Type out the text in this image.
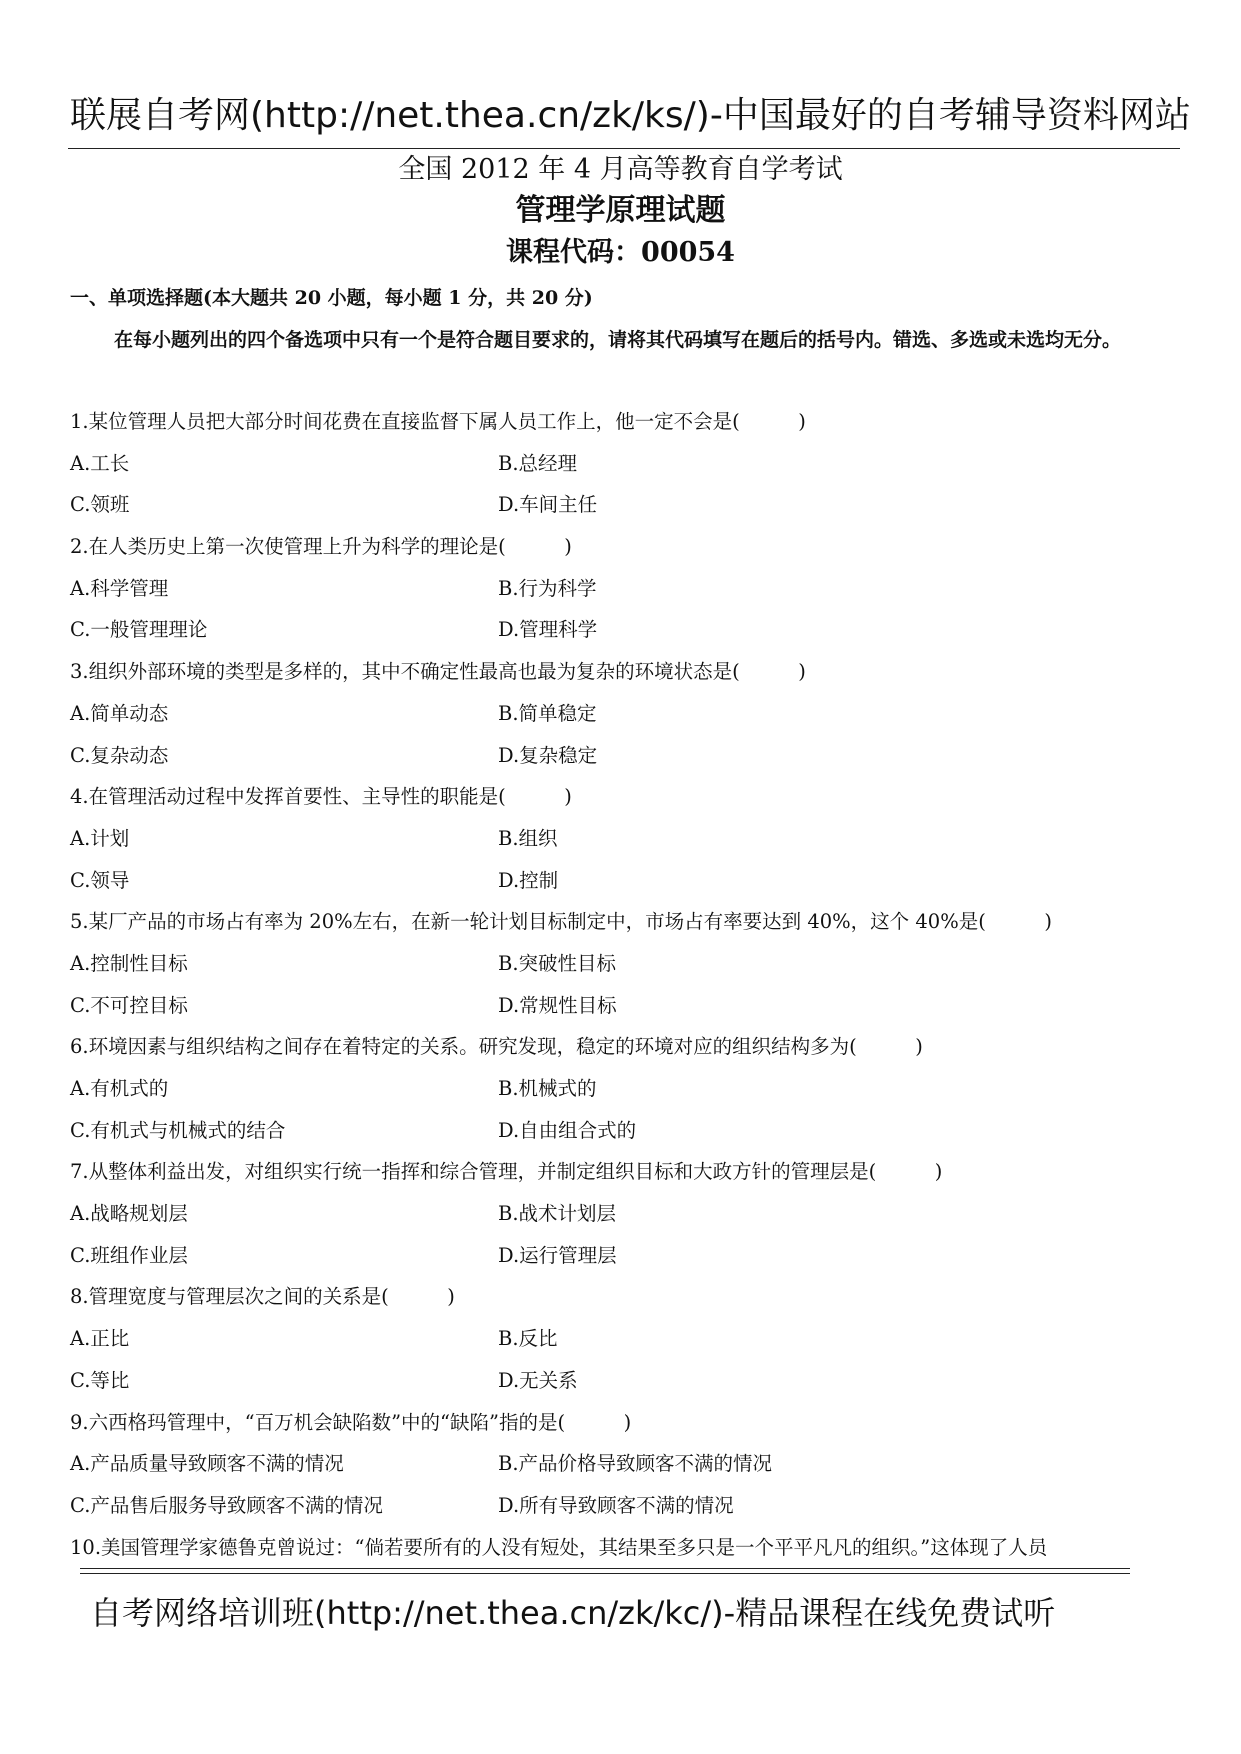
联展自考网(http://net.thea.cn/zk/ks/)-中国最好的自考辅导资料网站
全国 2012 年 4 月高等教育自学考试
管理学原理试题
课程代码：00054
一、单项选择题(本大题共 20 小题，每小题 1 分，共 20 分)
在每小题列出的四个备选项中只有一个是符合题目要求的，请将其代码填写在题后的括号内。错选、多选或未选均无分。
1.某位管理人员把大部分时间花费在直接监督下属人员工作上，他一定不会是(　　　)
A.工长	B.总经理
C.领班	D.车间主任
2.在人类历史上第一次使管理上升为科学的理论是(　　　)
A.科学管理	B.行为科学
C.一般管理理论	D.管理科学
3.组织外部环境的类型是多样的，其中不确定性最高也最为复杂的环境状态是(　　　)
A.简单动态	B.简单稳定
C.复杂动态	D.复杂稳定
4.在管理活动过程中发挥首要性、主导性的职能是(　　　)
A.计划	B.组织
C.领导	D.控制
5.某厂产品的市场占有率为 20%左右，在新一轮计划目标制定中，市场占有率要达到 40%，这个 40%是(　　　)
A.控制性目标	B.突破性目标
C.不可控目标	D.常规性目标
6.环境因素与组织结构之间存在着特定的关系。研究发现，稳定的环境对应的组织结构多为(　　　)
A.有机式的	B.机械式的
C.有机式与机械式的结合	D.自由组合式的
7.从整体利益出发，对组织实行统一指挥和综合管理，并制定组织目标和大政方针的管理层是(　　　)
A.战略规划层	B.战术计划层
C.班组作业层	D.运行管理层
8.管理宽度与管理层次之间的关系是(　　　)
A.正比	B.反比
C.等比	D.无关系
9.六西格玛管理中，“百万机会缺陷数”中的“缺陷”指的是(　　　)
A.产品质量导致顾客不满的情况	B.产品价格导致顾客不满的情况
C.产品售后服务导致顾客不满的情况	D.所有导致顾客不满的情况
10.美国管理学家德鲁克曾说过：“倘若要所有的人没有短处，其结果至多只是一个平平凡凡的组织。”这体现了人员
自考网络培训班(http://net.thea.cn/zk/kc/)-精品课程在线免费试听
